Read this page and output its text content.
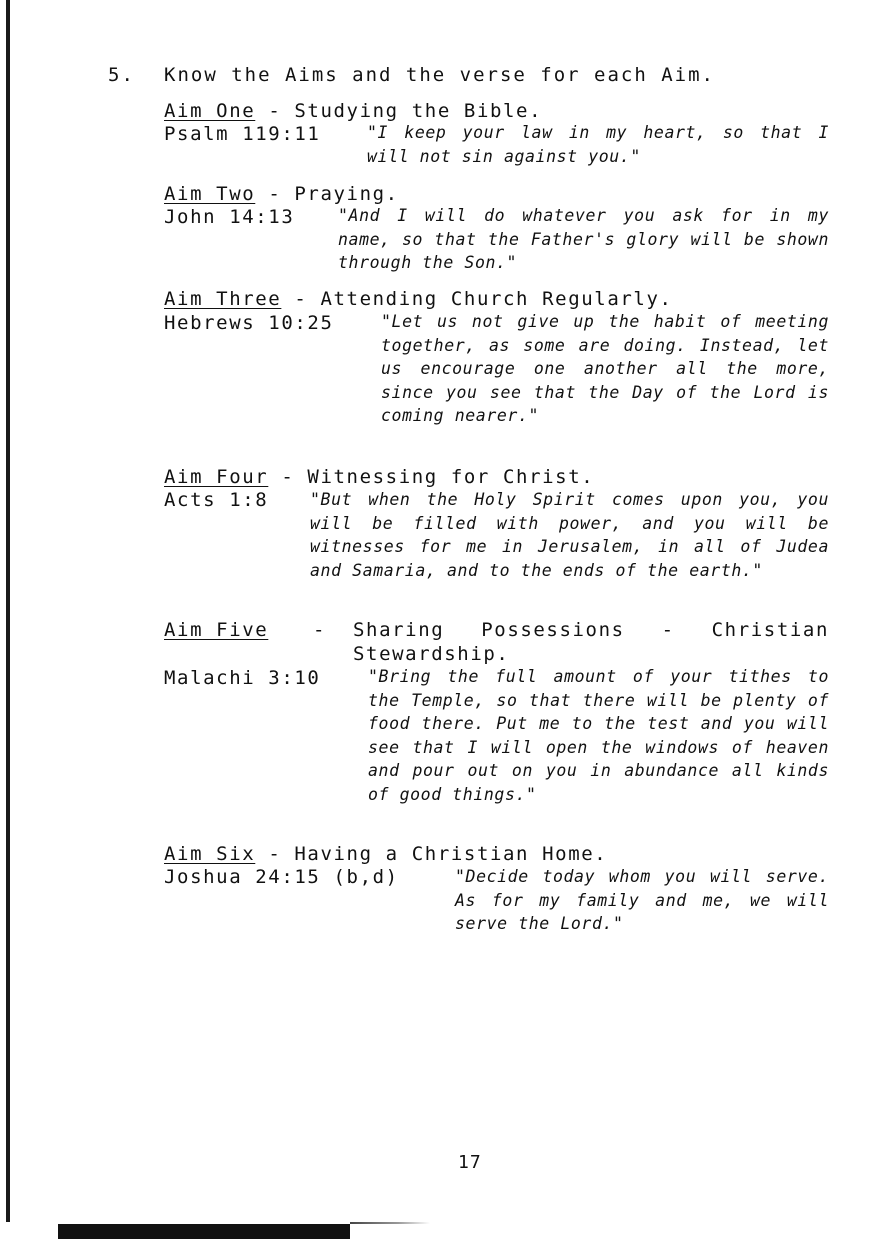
5. Know the Aims and the verse for each Aim.
Aim One - Studying the Bible.
Psalm 119:11	"I keep your law in my heart, so that I will not sin against you."
Aim Two - Praying.
John 14:13	"And I will do whatever you ask for in my name, so that the Father's glory will be shown through the Son."
Aim Three - Attending Church Regularly.
Hebrews 10:25	"Let us not give up the habit of meeting together, as some are doing. Instead, let us encourage one another all the more, since you see that the Day of the Lord is coming nearer."
Aim Four - Witnessing for Christ.
Acts 1:8	"But when the Holy Spirit comes upon you, you will be filled with power, and you will be witnesses for me in Jerusalem, in all of Judea and Samaria, and to the ends of the earth."
Aim Five - Sharing Possessions - Christian
Stewardship.
Malachi 3:10	"Bring the full amount of your tithes to the Temple, so that there will be plenty of food there. Put me to the test and you will see that I will open the windows of heaven and pour out on you in abundance all kinds of good things."
Aim Six - Having a Christian Home.
Joshua 24:15 (b,d)	"Decide today whom you will serve. As for my family and me, we will serve the Lord."
17
